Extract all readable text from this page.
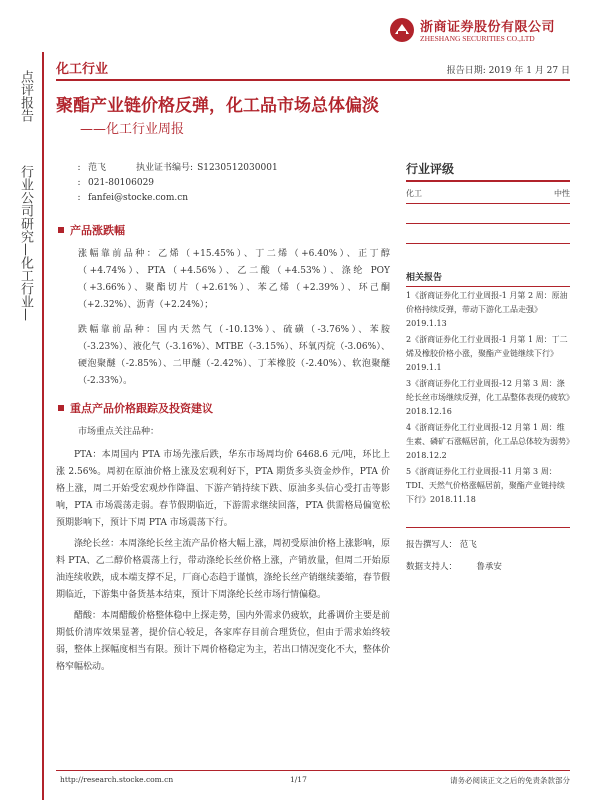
浙商证券股份有限公司
ZHESHANG SECURITIES CO.,LTD
点评报告
行业公司研究—化工行业—
化工行业	报告日期: 2019 年 1 月 27 日
聚酯产业链价格反弹，化工品市场总体偏淡
——化工行业周报
: 范飞	执业证书编号: S1230512030001
: 021-80106029
: fanfei@stocke.com.cn
产品涨跌幅

涨幅靠前品种：乙烯（+15.45%）、丁二烯（+6.40%）、正丁醇（+4.74%）、PTA（+4.56%）、乙二酸（+4.53%）、涤纶 POY（+3.66%）、聚酯切片（+2.61%）、苯乙烯（+2.39%）、环己酮（+2.32%）、沥青（+2.24%）；

跌幅靠前品种：国内天然气（-10.13%）、硫磺（-3.76%）、苯胺（-3.23%）、液化气（-3.16%）、MTBE（-3.15%）、环氧丙烷（-3.06%）、硬泡聚醚（-2.85%）、二甲醚（-2.42%）、丁苯橡胶（-2.40%）、软泡聚醚（-2.33%）。

重点产品价格跟踪及投资建议

市场重点关注品种：

PTA：本周国内 PTA 市场先涨后跌，华东市场周均价 6468.6 元/吨，环比上涨 2.56%。周初在原油价格上涨及宏观利好下，PTA 期货多头资金炒作，PTA 价格上涨，周二开始受宏观炒作降温、下游产销持续下跌、原油多头信心受打击等影响，PTA 市场震荡走弱。春节假期临近，下游需求继续回落，PTA 供需格局偏宽松预期影响下，预计下周 PTA 市场震荡下行。

涤纶长丝：本周涤纶长丝主流产品价格大幅上涨，周初受原油价格上涨影响，原料 PTA、乙二醇价格震荡上行，带动涤纶长丝价格上涨，产销放量，但周二开始原油连续收跌，成本端支撑不足，厂商心态趋于谨慎，涤纶长丝产销继续萎缩，春节假期临近，下游集中备货基本结束，预计下周涤纶长丝市场行情偏稳。

醋酸：本周醋酸价格整体稳中上探走势，国内外需求仍疲软，此番调价主要是前期低价清库效果显著，提价信心较足，各家库存目前合理货位，但由于需求始终较弱，整体上探幅度相当有限。预计下周价格稳定为主，若出口情况变化不大，整体价格窄幅松动。

行业评级
化工	中性
相关报告
1《浙商证券化工行业周报-1 月第 2 周：原油价格持续反弹，带动下游化工品走强》2019.1.13
2《浙商证券化工行业周报-1 月第 1 周：丁二烯及橡胶价格小涨，聚酯产业链继续下行》2019.1.1
3《浙商证券化工行业周报-12 月第 3 周：涤纶长丝市场继续反弹，化工品整体表现仍疲软》2018.12.16
4《浙商证券化工行业周报-12 月第 1 周：维生素、磷矿石涨幅居前，化工品总体较为弱势》2018.12.2
5《浙商证券化工行业周报-11 月第 3 周：TDI、天然气价格涨幅居前，聚酯产业链持续下行》2018.11.18
报告撰写人： 范飞
数据支持人： 鲁承安
http://research.stocke.com.cn	1/17	请务必阅读正文之后的免责条款部分
